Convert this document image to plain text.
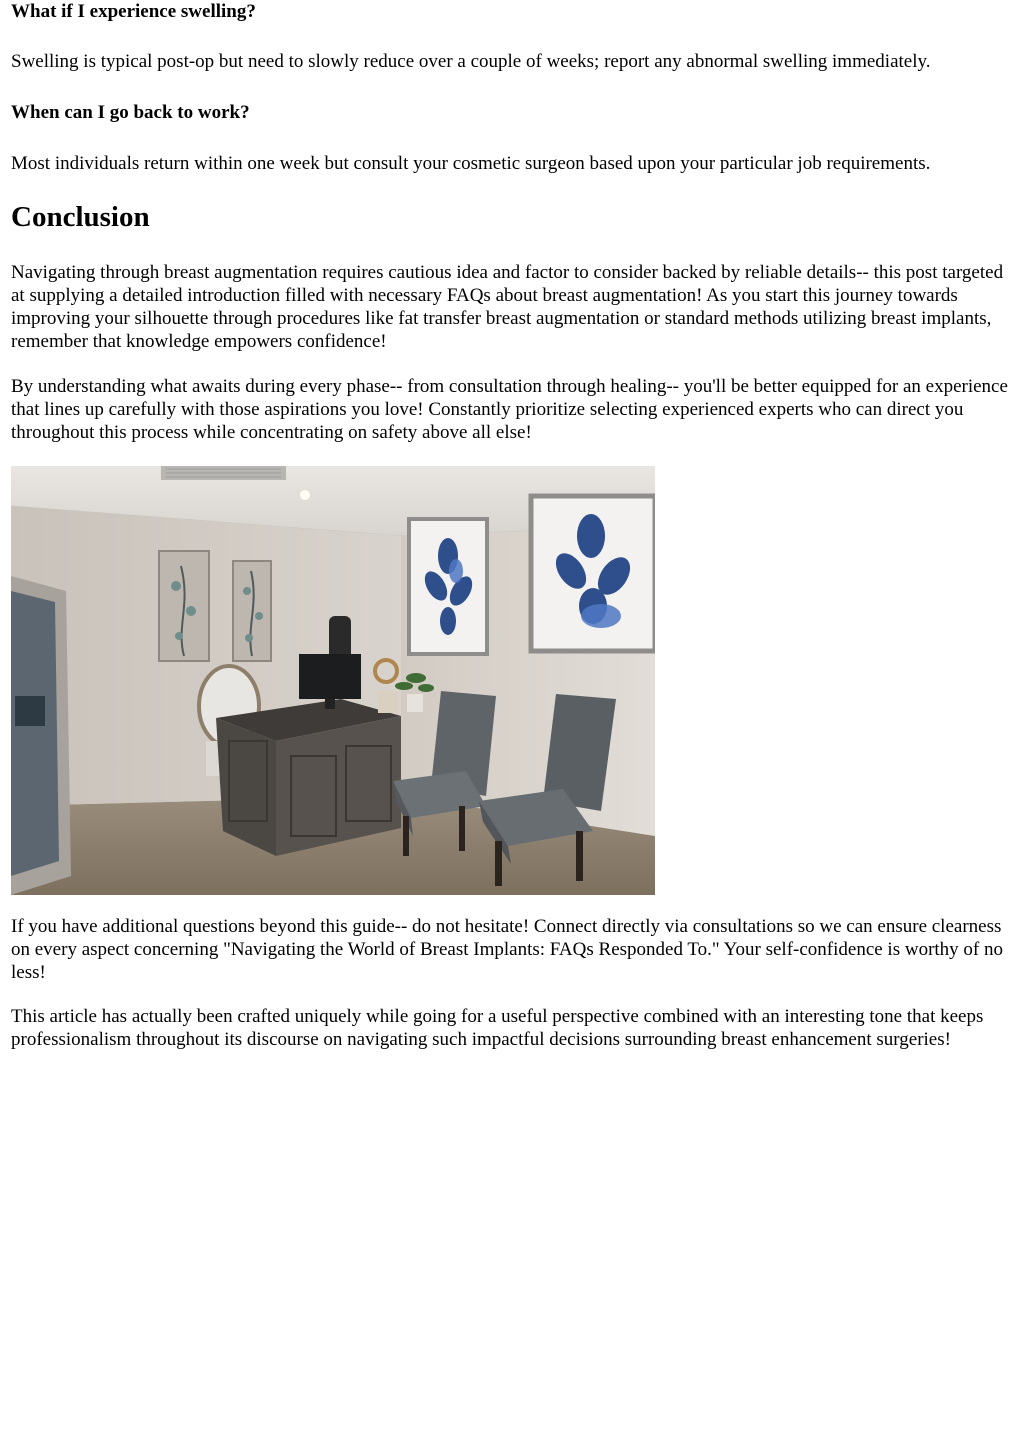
What if I experience swelling?

Swelling is typical post-op but need to slowly reduce over a couple of weeks; report any abnormal swelling immediately.

When can I go back to work?

Most individuals return within one week but consult your cosmetic surgeon based upon your particular job requirements.

Conclusion

Navigating through breast augmentation requires cautious idea and factor to consider backed by reliable details-- this post targeted at supplying a detailed introduction filled with necessary FAQs about breast augmentation! As you start this journey towards improving your silhouette through procedures like fat transfer breast augmentation or standard methods utilizing breast implants, remember that knowledge empowers confidence!

By understanding what awaits during every phase-- from consultation through healing-- you'll be better equipped for an experience that lines up carefully with those aspirations you love! Constantly prioritize selecting experienced experts who can direct you throughout this process while concentrating on safety above all else!

If you have additional questions beyond this guide-- do not hesitate! Connect directly via consultations so we can ensure clearness on every aspect concerning "Navigating the World of Breast Implants: FAQs Responded To." Your self-confidence is worthy of no less!

This article has actually been crafted uniquely while going for a useful perspective combined with an interesting tone that keeps professionalism throughout its discourse on navigating such impactful decisions surrounding breast enhancement surgeries!
